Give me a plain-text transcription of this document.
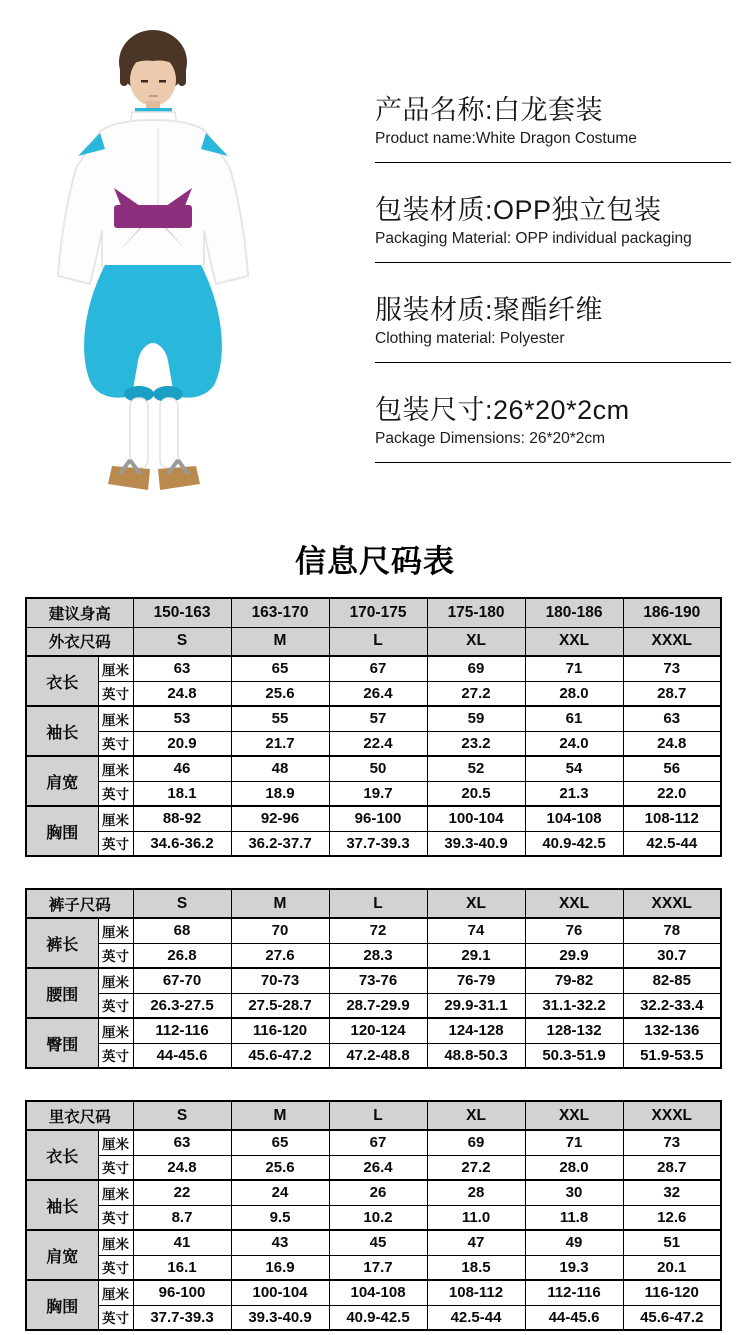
产品名称:白龙套装
Product name:White Dragon Costume
包装材质:OPP独立包装
Packaging Material: OPP individual packaging
服装材质:聚酯纤维
Clothing material: Polyester
包装尺寸:26*20*2cm
Package Dimensions: 26*20*2cm
信息尺码表
建议身高		150-163	163-170	170-175	175-180	180-186	186-190
外衣尺码		S	M	L	XL	XXL	XXXL
衣长	厘米	63	65	67	69	71	73
	英寸	24.8	25.6	26.4	27.2	28.0	28.7
袖长	厘米	53	55	57	59	61	63
	英寸	20.9	21.7	22.4	23.2	24.0	24.8
肩宽	厘米	46	48	50	52	54	56
	英寸	18.1	18.9	19.7	20.5	21.3	22.0
胸围	厘米	88-92	92-96	96-100	100-104	104-108	108-112
	英寸	34.6-36.2	36.2-37.7	37.7-39.3	39.3-40.9	40.9-42.5	42.5-44
裤子尺码		S	M	L	XL	XXL	XXXL
裤长	厘米	68	70	72	74	76	78
	英寸	26.8	27.6	28.3	29.1	29.9	30.7
腰围	厘米	67-70	70-73	73-76	76-79	79-82	82-85
	英寸	26.3-27.5	27.5-28.7	28.7-29.9	29.9-31.1	31.1-32.2	32.2-33.4
臀围	厘米	112-116	116-120	120-124	124-128	128-132	132-136
	英寸	44-45.6	45.6-47.2	47.2-48.8	48.8-50.3	50.3-51.9	51.9-53.5
里衣尺码		S	M	L	XL	XXL	XXXL
衣长	厘米	63	65	67	69	71	73
	英寸	24.8	25.6	26.4	27.2	28.0	28.7
袖长	厘米	22	24	26	28	30	32
	英寸	8.7	9.5	10.2	11.0	11.8	12.6
肩宽	厘米	41	43	45	47	49	51
	英寸	16.1	16.9	17.7	18.5	19.3	20.1
胸围	厘米	96-100	100-104	104-108	108-112	112-116	116-120
	英寸	37.7-39.3	39.3-40.9	40.9-42.5	42.5-44	44-45.6	45.6-47.2
